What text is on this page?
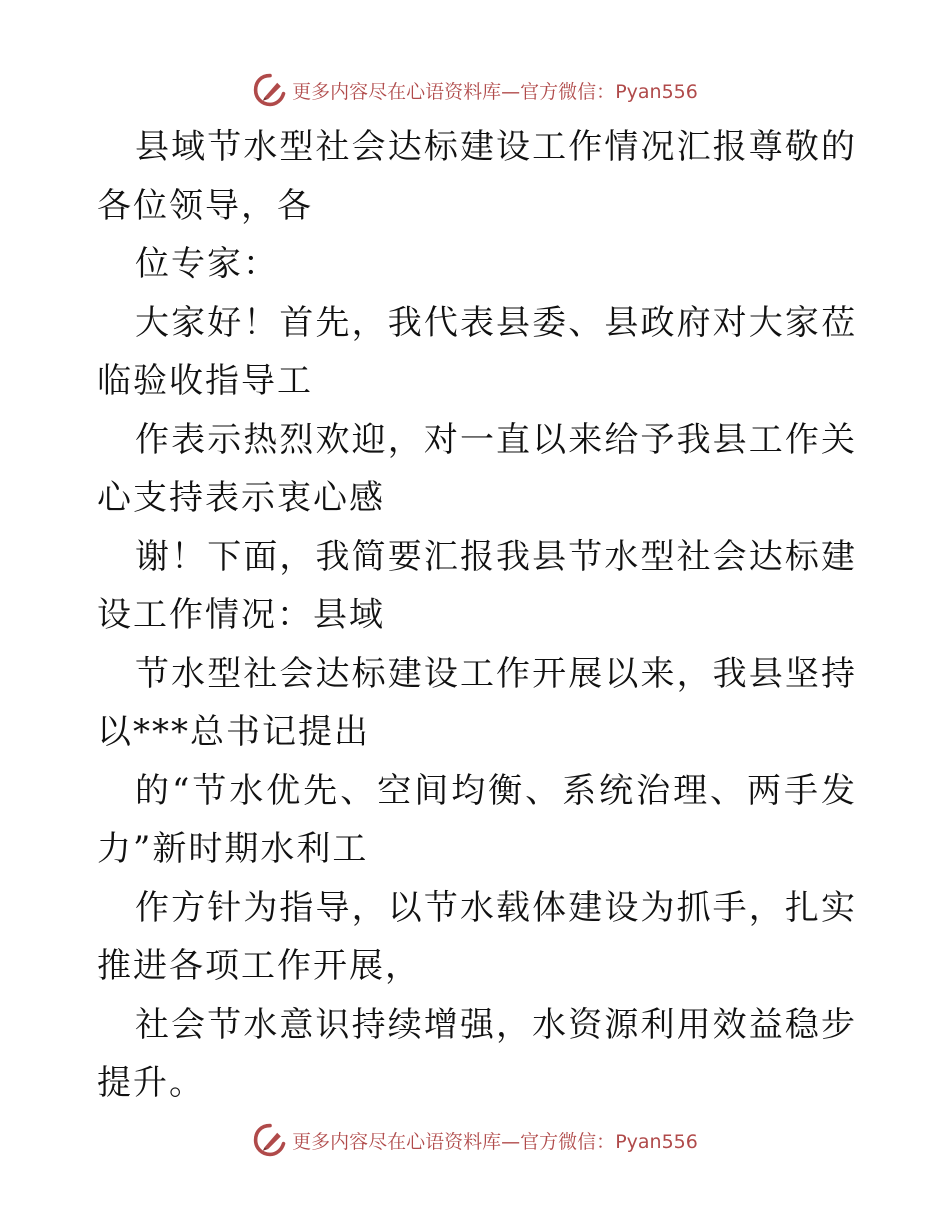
更多内容尽在心语资料库—官方微信：Pyan556

县域节水型社会达标建设工作情况汇报尊敬的各位领导，各

位专家：

大家好！首先，我代表县委、县政府对大家莅临验收指导工

作表示热烈欢迎，对一直以来给予我县工作关心支持表示衷心感

谢！下面，我简要汇报我县节水型社会达标建设工作情况：县域

节水型社会达标建设工作开展以来，我县坚持以***总书记提出

的“节水优先、空间均衡、系统治理、两手发力”新时期水利工

作方针为指导，以节水载体建设为抓手，扎实推进各项工作开展，

社会节水意识持续增强，水资源利用效益稳步提升。

更多内容尽在心语资料库—官方微信：Pyan556
